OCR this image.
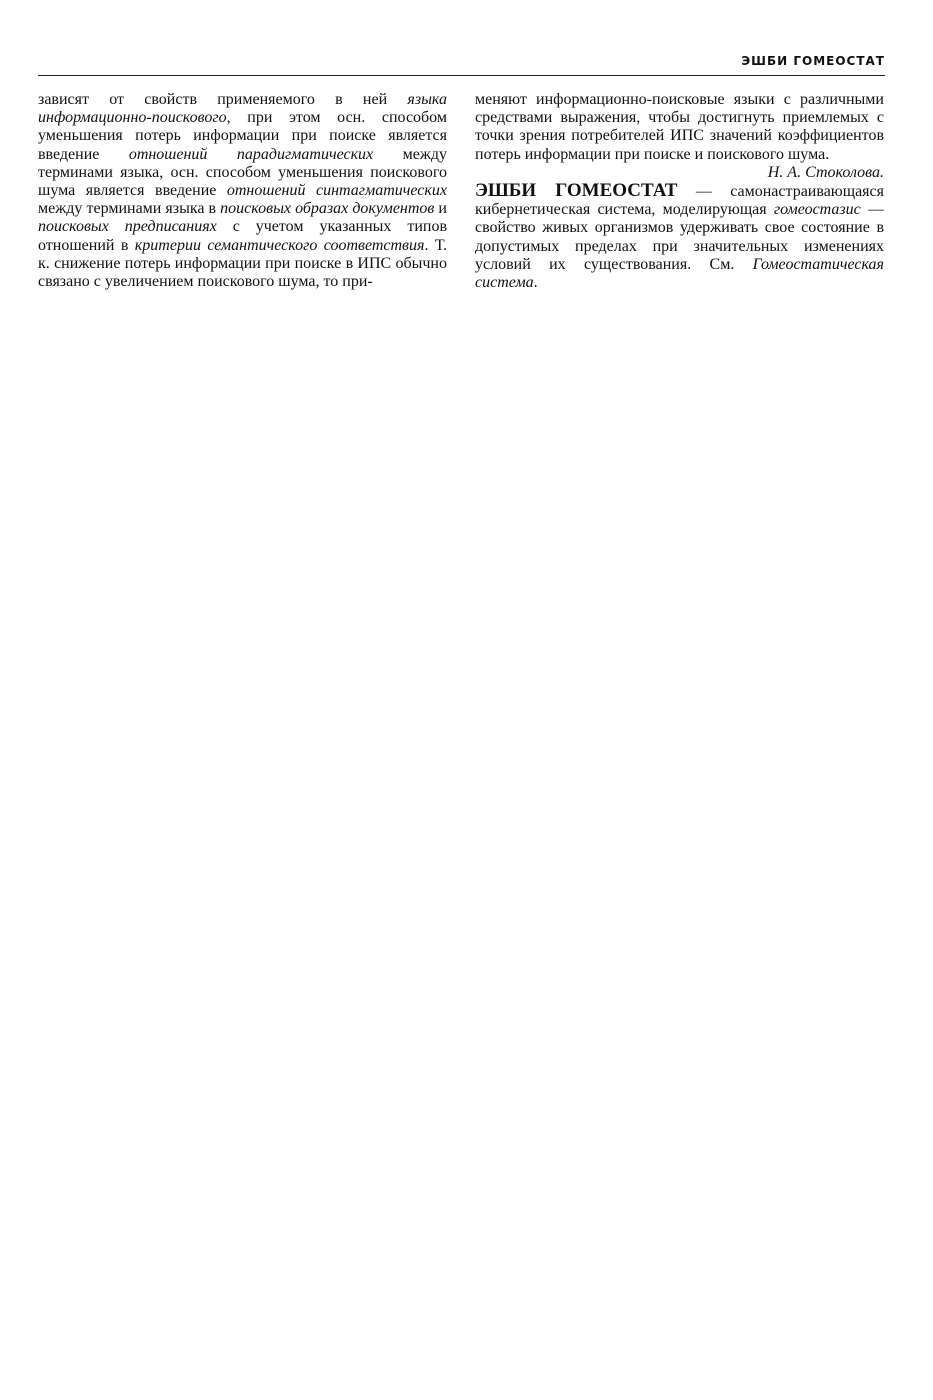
ЭШБИ ГОМЕОСТАТ

зависят от свойств применяемого в ней языка информационно-поискового, при этом осн. способом уменьшения потерь информации при поиске является введение отношений парадигматических между терминами языка, осн. способом уменьшения поискового шума является введение отношений синтагматических между терминами языка в поисковых образах документов и поисковых предписаниях с учетом указанных типов отношений в критерии семантического соответствия. Т. к. снижение потерь информации при поиске в ИПС обычно связано с увеличением поискового шума, то при-

меняют информационно-поисковые языки с различными средствами выражения, чтобы достигнуть приемлемых с точки зрения потребителей ИПС значений коэффициентов потерь информации при поиске и поискового шума.

Н. А. Стоколова.

ЭШБИ ГОМЕОСТАТ — самонастраивающаяся кибернетическая система, моделирующая гомеостазис — свойство живых организмов удерживать свое состояние в допустимых пределах при значительных изменениях условий их существования. См. Гомеостатическая система.
